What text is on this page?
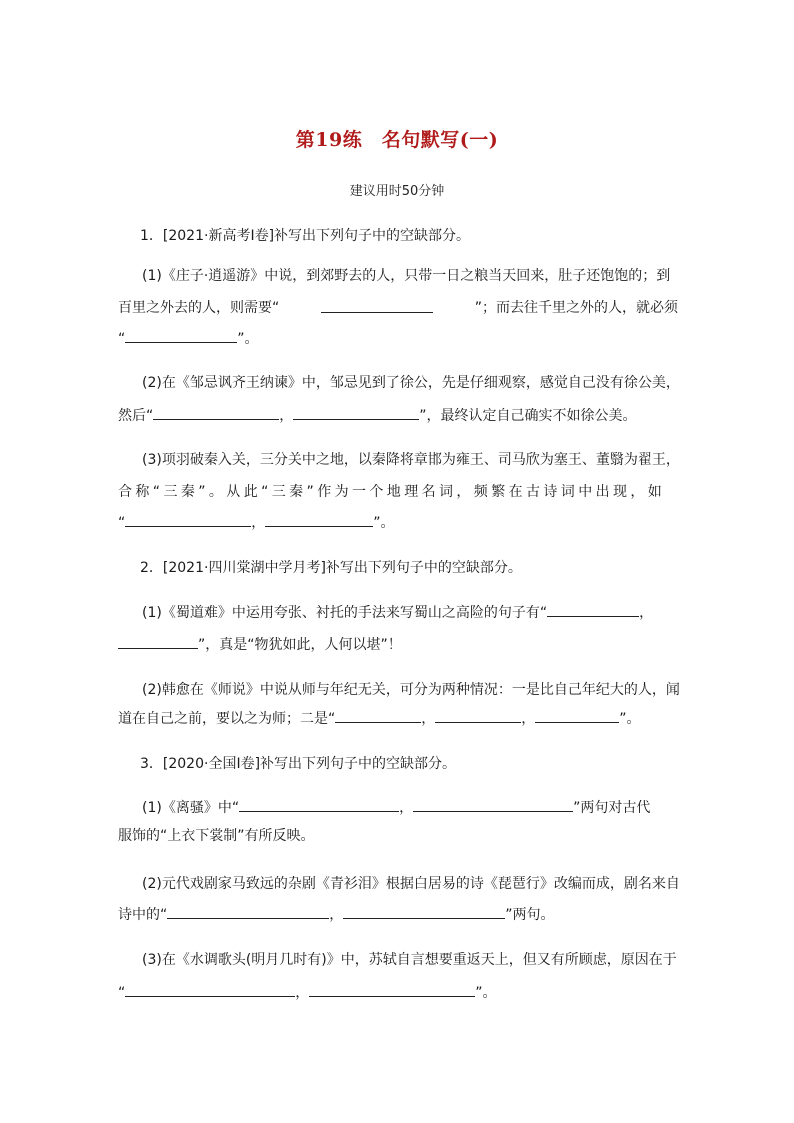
第19练　名句默写(一)
建议用时50分钟
1．[2021·新高考Ⅰ卷]补写出下列句子中的空缺部分。
(1)《庄子·逍遥游》中说，到郊野去的人，只带一日之粮当天回来，肚子还饱饱的；到
百里之外去的人，则需要“	”；而去往千里之外的人，就必须
“	”。
(2)在《邹忌讽齐王纳谏》中，邹忌见到了徐公，先是仔细观察，感觉自己没有徐公美，
然后“	，	”，最终认定自己确实不如徐公美。
(3)项羽破秦入关，三分关中之地，以秦降将章邯为雍王、司马欣为塞王、董翳为翟王，
合称“三秦”。从此“三秦”作为一个地理名词，频繁在古诗词中出现，如
“	，	”。
2．[2021·四川棠湖中学月考]补写出下列句子中的空缺部分。
(1)《蜀道难》中运用夸张、衬托的手法来写蜀山之高险的句子有“	，
”，真是“物犹如此，人何以堪”！
(2)韩愈在《师说》中说从师与年纪无关，可分为两种情况：一是比自己年纪大的人，闻
道在自己之前，要以之为师；二是“	，	，	”。
3．[2020·全国Ⅰ卷]补写出下列句子中的空缺部分。
(1)《离骚》中“	，	”两句对古代
服饰的“上衣下裳制”有所反映。
(2)元代戏剧家马致远的杂剧《青衫泪》根据白居易的诗《琵琶行》改编而成，剧名来自
诗中的“	，	”两句。
(3)在《水调歌头(明月几时有)》中，苏轼自言想要重返天上，但又有所顾虑，原因在于
“	，	”。
